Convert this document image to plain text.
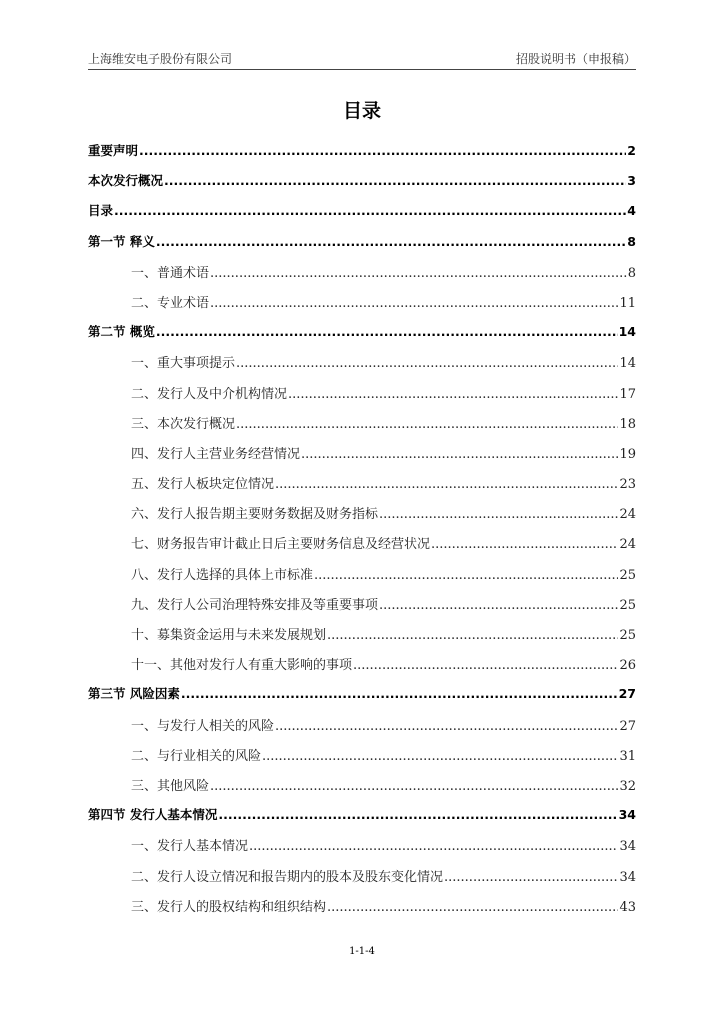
上海维安电子股份有限公司	招股说明书（申报稿）
目录
重要声明 .....	2
本次发行概况 .....	3
目录 .....	4
第一节 释义 .....	8
一、普通术语 .....	8
二、专业术语 .....	11
第二节 概览 .....	14
一、重大事项提示 .....	14
二、发行人及中介机构情况 .....	17
三、本次发行概况 .....	18
四、发行人主营业务经营情况 .....	19
五、发行人板块定位情况 .....	23
六、发行人报告期主要财务数据及财务指标 .....	24
七、财务报告审计截止日后主要财务信息及经营状况 .....	24
八、发行人选择的具体上市标准 .....	25
九、发行人公司治理特殊安排及等重要事项 .....	25
十、募集资金运用与未来发展规划 .....	25
十一、其他对发行人有重大影响的事项 .....	26
第三节 风险因素 .....	27
一、与发行人相关的风险 .....	27
二、与行业相关的风险 .....	31
三、其他风险 .....	32
第四节 发行人基本情况 .....	34
一、发行人基本情况 .....	34
二、发行人设立情况和报告期内的股本及股东变化情况 .....	34
三、发行人的股权结构和组织结构 .....	43
1-1-4
